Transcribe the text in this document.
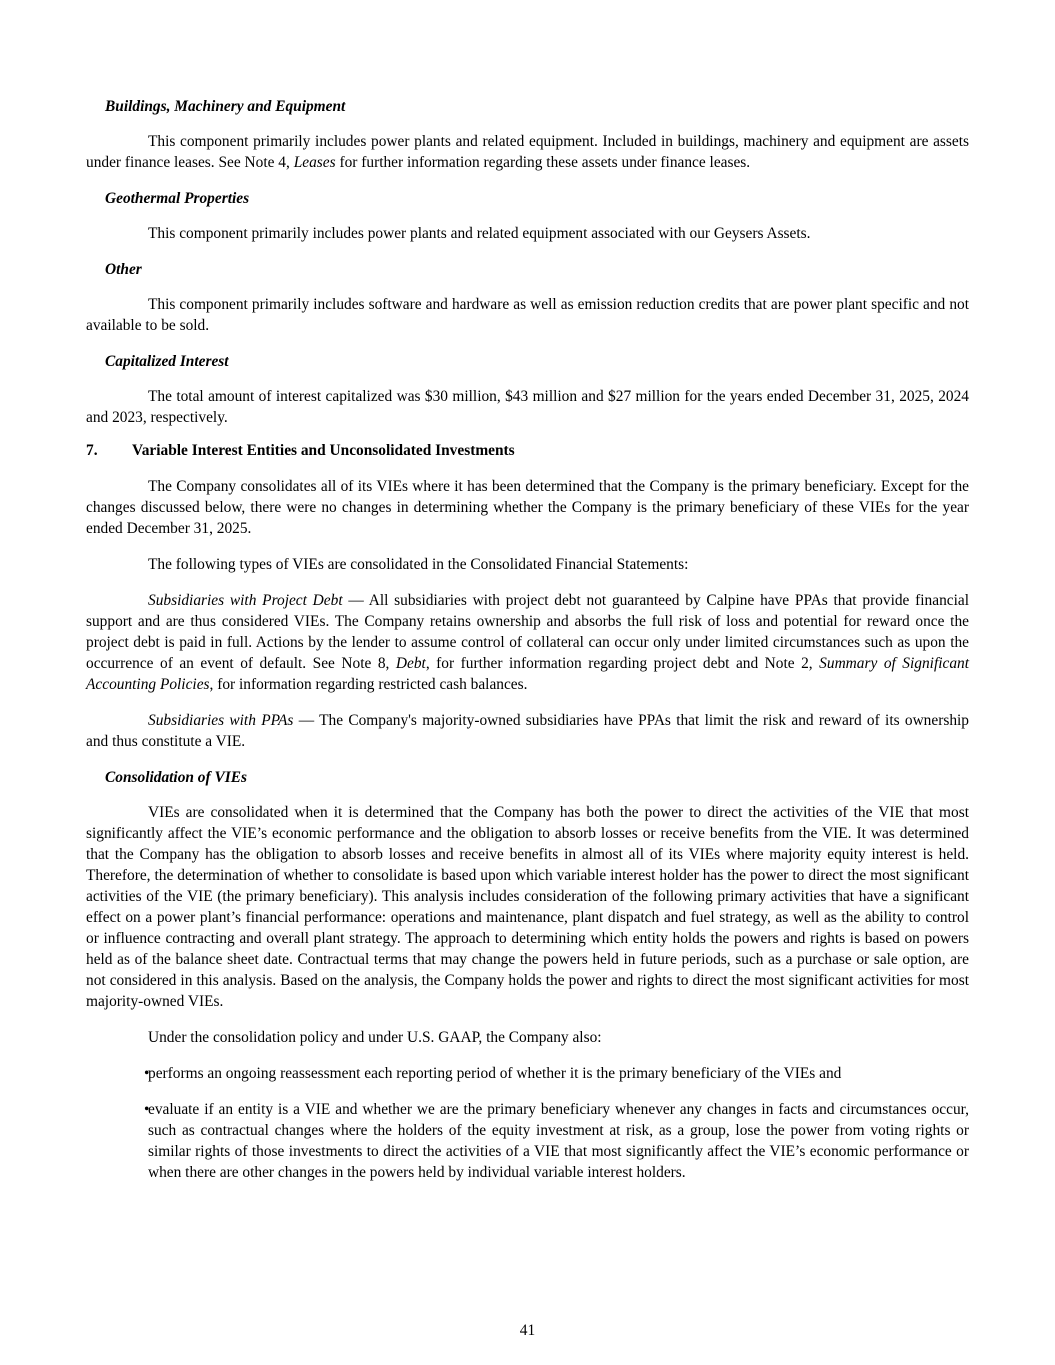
Buildings, Machinery and Equipment
This component primarily includes power plants and related equipment. Included in buildings, machinery and equipment are assets under finance leases. See Note 4, Leases for further information regarding these assets under finance leases.
Geothermal Properties
This component primarily includes power plants and related equipment associated with our Geysers Assets.
Other
This component primarily includes software and hardware as well as emission reduction credits that are power plant specific and not available to be sold.
Capitalized Interest
The total amount of interest capitalized was $30 million, $43 million and $27 million for the years ended December 31, 2025, 2024 and 2023, respectively.
7.	Variable Interest Entities and Unconsolidated Investments
The Company consolidates all of its VIEs where it has been determined that the Company is the primary beneficiary. Except for the changes discussed below, there were no changes in determining whether the Company is the primary beneficiary of these VIEs for the year ended December 31, 2025.
The following types of VIEs are consolidated in the Consolidated Financial Statements:
Subsidiaries with Project Debt — All subsidiaries with project debt not guaranteed by Calpine have PPAs that provide financial support and are thus considered VIEs. The Company retains ownership and absorbs the full risk of loss and potential for reward once the project debt is paid in full. Actions by the lender to assume control of collateral can occur only under limited circumstances such as upon the occurrence of an event of default. See Note 8, Debt, for further information regarding project debt and Note 2, Summary of Significant Accounting Policies, for information regarding restricted cash balances.
Subsidiaries with PPAs — The Company's majority-owned subsidiaries have PPAs that limit the risk and reward of its ownership and thus constitute a VIE.
Consolidation of VIEs
VIEs are consolidated when it is determined that the Company has both the power to direct the activities of the VIE that most significantly affect the VIE’s economic performance and the obligation to absorb losses or receive benefits from the VIE. It was determined that the Company has the obligation to absorb losses and receive benefits in almost all of its VIEs where majority equity interest is held. Therefore, the determination of whether to consolidate is based upon which variable interest holder has the power to direct the most significant activities of the VIE (the primary beneficiary). This analysis includes consideration of the following primary activities that have a significant effect on a power plant’s financial performance: operations and maintenance, plant dispatch and fuel strategy, as well as the ability to control or influence contracting and overall plant strategy. The approach to determining which entity holds the powers and rights is based on powers held as of the balance sheet date. Contractual terms that may change the powers held in future periods, such as a purchase or sale option, are not considered in this analysis. Based on the analysis, the Company holds the power and rights to direct the most significant activities for most majority-owned VIEs.
Under the consolidation policy and under U.S. GAAP, the Company also:
•
performs an ongoing reassessment each reporting period of whether it is the primary beneficiary of the VIEs and
•
evaluate if an entity is a VIE and whether we are the primary beneficiary whenever any changes in facts and circumstances occur, such as contractual changes where the holders of the equity investment at risk, as a group, lose the power from voting rights or similar rights of those investments to direct the activities of a VIE that most significantly affect the VIE’s economic performance or when there are other changes in the powers held by individual variable interest holders.
41
